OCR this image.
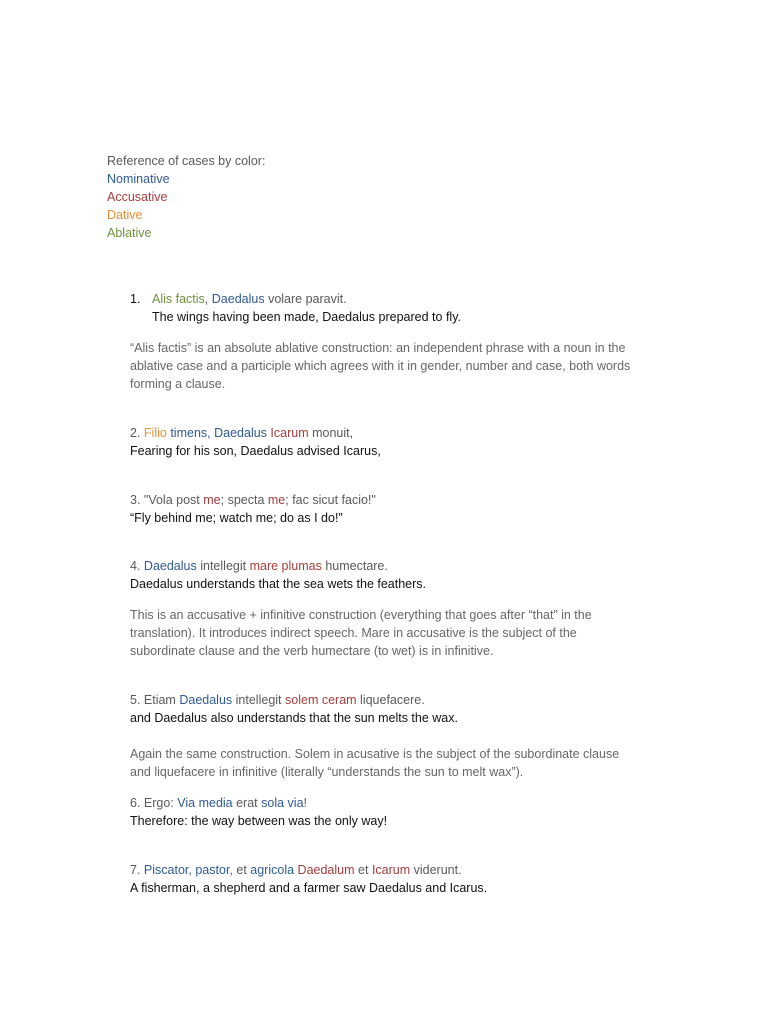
Reference of cases by color:
Nominative
Accusative
Dative
Ablative
1. Alis factis, Daedalus volare paravit.
The wings having been made, Daedalus prepared to fly.
“Alis factis” is an absolute ablative construction: an independent phrase with a noun in the
ablative case and a participle which agrees with it in gender, number and case, both words
forming a clause.
2. Filio timens, Daedalus Icarum monuit,
Fearing for his son, Daedalus advised Icarus,
3. "Vola post me; specta me; fac sicut facio!"
“Fly behind me; watch me; do as I do!”
4. Daedalus intellegit mare plumas humectare.
Daedalus understands that the sea wets the feathers.
This is an accusative + infinitive construction (everything that goes after “that” in the
translation). It introduces indirect speech. Mare in accusative is the subject of the
subordinate clause and the verb humectare (to wet) is in infinitive.
5. Etiam Daedalus intellegit solem ceram liquefacere.
and Daedalus also understands that the sun melts the wax.
Again the same construction. Solem in acusative is the subject of the subordinate clause
and liquefacere in infinitive (literally “understands the sun to melt wax”).
6. Ergo: Via media erat sola via!
Therefore: the way between was the only way!
7. Piscator, pastor, et agricola Daedalum et Icarum viderunt.
A fisherman, a shepherd and a farmer saw Daedalus and Icarus.
